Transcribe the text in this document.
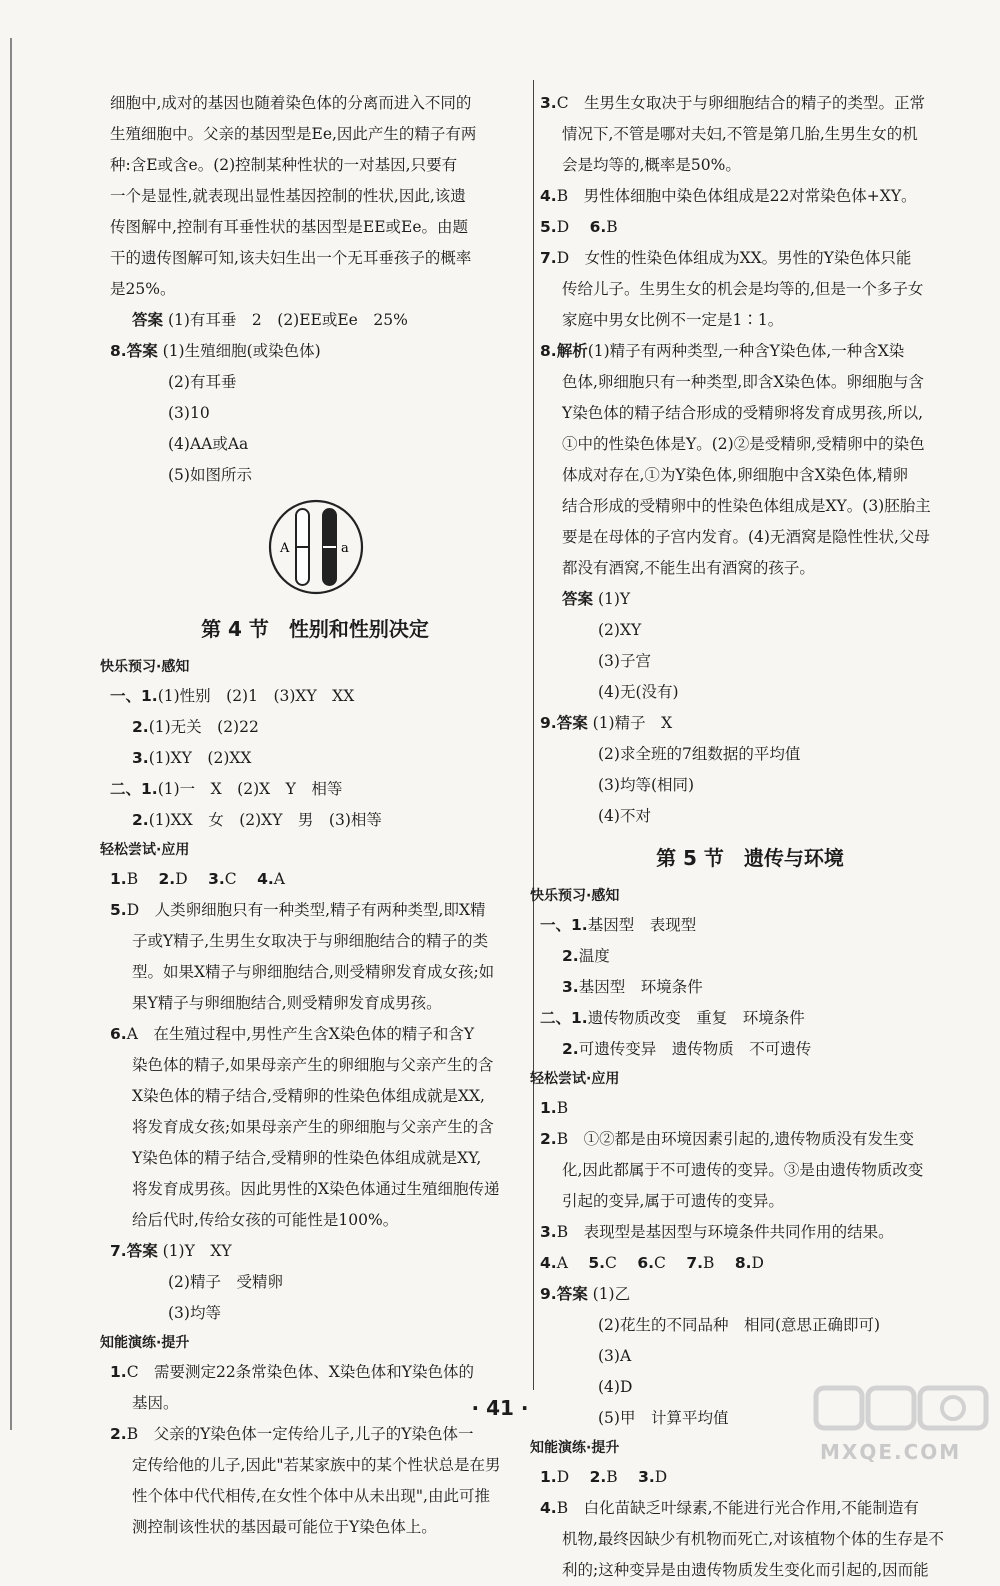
细胞中,成对的基因也随着染色体的分离而进入不同的
生殖细胞中。父亲的基因型是Ee,因此产生的精子有两
种:含E或含e。(2)控制某种性状的一对基因,只要有
一个是显性,就表现出显性基因控制的性状,因此,该遗
传图解中,控制有耳垂性状的基因型是EE或Ee。由题
干的遗传图解可知,该夫妇生出一个无耳垂孩子的概率
是25%。
答案 (1)有耳垂　2　(2)EE或Ee　25%
8.答案 (1)生殖细胞(或染色体)
(2)有耳垂
(3)10
(4)AA或Aa
(5)如图所示
A	a
第 4 节　性别和性别决定
快乐预习·感知
一、1.(1)性别　(2)1　(3)XY　XX
2.(1)无关　(2)22
3.(1)XY　(2)XX
二、1.(1)一　X　(2)X　Y　相等
2.(1)XX　女　(2)XY　男　(3)相等
轻松尝试·应用
1.B　 2.D　 3.C　 4.A
5.D　人类卵细胞只有一种类型,精子有两种类型,即X精
子或Y精子,生男生女取决于与卵细胞结合的精子的类
型。如果X精子与卵细胞结合,则受精卵发育成女孩;如
果Y精子与卵细胞结合,则受精卵发育成男孩。
6.A　在生殖过程中,男性产生含X染色体的精子和含Y
染色体的精子,如果母亲产生的卵细胞与父亲产生的含
X染色体的精子结合,受精卵的性染色体组成就是XX,
将发育成女孩;如果母亲产生的卵细胞与父亲产生的含
Y染色体的精子结合,受精卵的性染色体组成就是XY,
将发育成男孩。因此男性的X染色体通过生殖细胞传递
给后代时,传给女孩的可能性是100%。
7.答案 (1)Y　XY
(2)精子　受精卵
(3)均等
知能演练·提升
1.C　需要测定22条常染色体、X染色体和Y染色体的
基因。
2.B　父亲的Y染色体一定传给儿子,儿子的Y染色体一
定传给他的儿子,因此"若某家族中的某个性状总是在男
性个体中代代相传,在女性个体中从未出现",由此可推
测控制该性状的基因最可能位于Y染色体上。
3.C　生男生女取决于与卵细胞结合的精子的类型。正常
情况下,不管是哪对夫妇,不管是第几胎,生男生女的机
会是均等的,概率是50%。
4.B　男性体细胞中染色体组成是22对常染色体+XY。
5.D　 6.B
7.D　女性的性染色体组成为XX。男性的Y染色体只能
传给儿子。生男生女的机会是均等的,但是一个多子女
家庭中男女比例不一定是1∶1。
8.解析(1)精子有两种类型,一种含Y染色体,一种含X染
色体,卵细胞只有一种类型,即含X染色体。卵细胞与含
Y染色体的精子结合形成的受精卵将发育成男孩,所以,
①中的性染色体是Y。(2)②是受精卵,受精卵中的染色
体成对存在,①为Y染色体,卵细胞中含X染色体,精卵
结合形成的受精卵中的性染色体组成是XY。(3)胚胎主
要是在母体的子宫内发育。(4)无酒窝是隐性性状,父母
都没有酒窝,不能生出有酒窝的孩子。
答案 (1)Y
(2)XY
(3)子宫
(4)无(没有)
9.答案 (1)精子　X
(2)求全班的7组数据的平均值
(3)均等(相同)
(4)不对
第 5 节　遗传与环境
快乐预习·感知
一、1.基因型　表现型
2.温度
3.基因型　环境条件
二、1.遗传物质改变　重复　环境条件
2.可遗传变异　遗传物质　不可遗传
轻松尝试·应用
1.B
2.B　①②都是由环境因素引起的,遗传物质没有发生变
化,因此都属于不可遗传的变异。③是由遗传物质改变
引起的变异,属于可遗传的变异。
3.B　表现型是基因型与环境条件共同作用的结果。
4.A　 5.C　 6.C　 7.B　 8.D
9.答案 (1)乙
(2)花生的不同品种　相同(意思正确即可)
(3)A
(4)D
(5)甲　计算平均值
知能演练·提升
1.D　 2.B　 3.D
4.B　白化苗缺乏叶绿素,不能进行光合作用,不能制造有
机物,最终因缺少有机物而死亡,对该植物个体的生存是不
利的;这种变异是由遗传物质发生变化而引起的,因而能
· 41 ·
MXQE.COM
